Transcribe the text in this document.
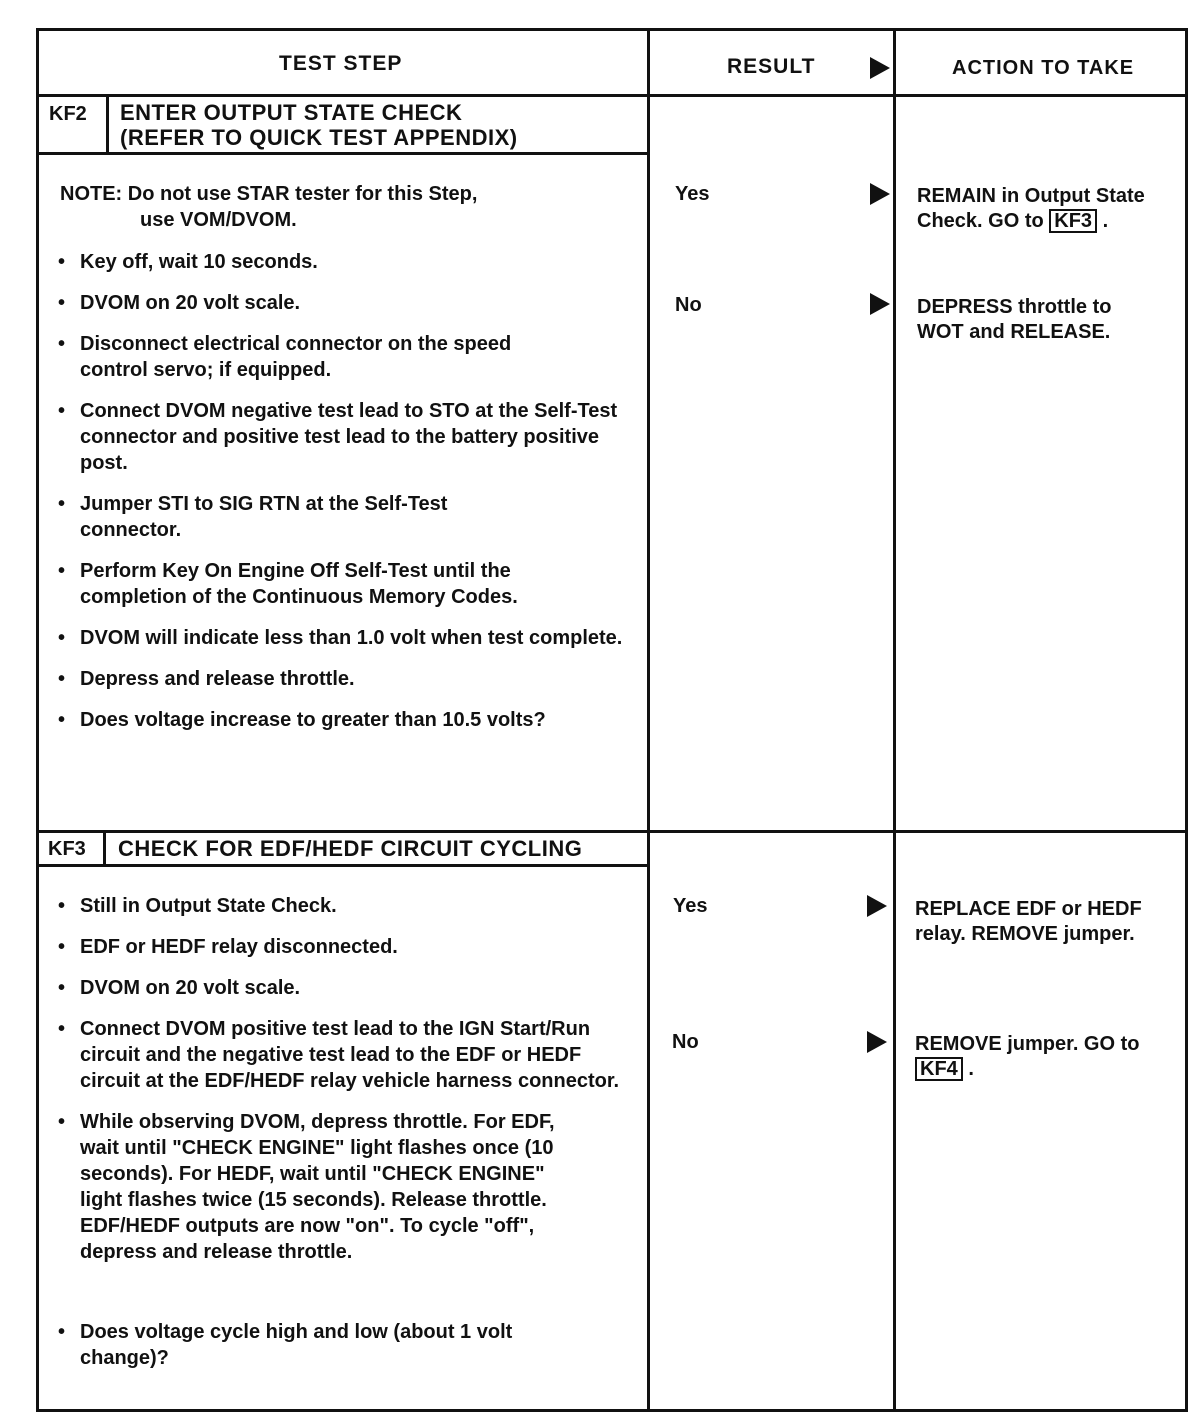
TEST STEP	RESULT	ACTION TO TAKE
KF2 ENTER OUTPUT STATE CHECK
(REFER TO QUICK TEST APPENDIX)
NOTE: Do not use STAR tester for this Step,
use VOM/DVOM.
• Key off, wait 10 seconds.
• DVOM on 20 volt scale.
• Disconnect electrical connector on the speed control servo; if equipped.
• Connect DVOM negative test lead to STO at the Self-Test connector and positive test lead to the battery positive post.
• Jumper STI to SIG RTN at the Self-Test connector.
• Perform Key On Engine Off Self-Test until the completion of the Continuous Memory Codes.
• DVOM will indicate less than 1.0 volt when test complete.
• Depress and release throttle.
• Does voltage increase to greater than 10.5 volts?
Yes
No
REMAIN in Output State Check. GO to KF3 .
DEPRESS throttle to WOT and RELEASE.
KF3 CHECK FOR EDF/HEDF CIRCUIT CYCLING
• Still in Output State Check.
• EDF or HEDF relay disconnected.
• DVOM on 20 volt scale.
• Connect DVOM positive test lead to the IGN Start/Run circuit and the negative test lead to the EDF or HEDF circuit at the EDF/HEDF relay vehicle harness connector.
• While observing DVOM, depress throttle. For EDF, wait until "CHECK ENGINE" light flashes once (10 seconds). For HEDF, wait until "CHECK ENGINE" light flashes twice (15 seconds). Release throttle. EDF/HEDF outputs are now "on". To cycle "off", depress and release throttle.
• Does voltage cycle high and low (about 1 volt change)?
Yes
No
REPLACE EDF or HEDF relay. REMOVE jumper.
REMOVE jumper. GO to KF4 .
